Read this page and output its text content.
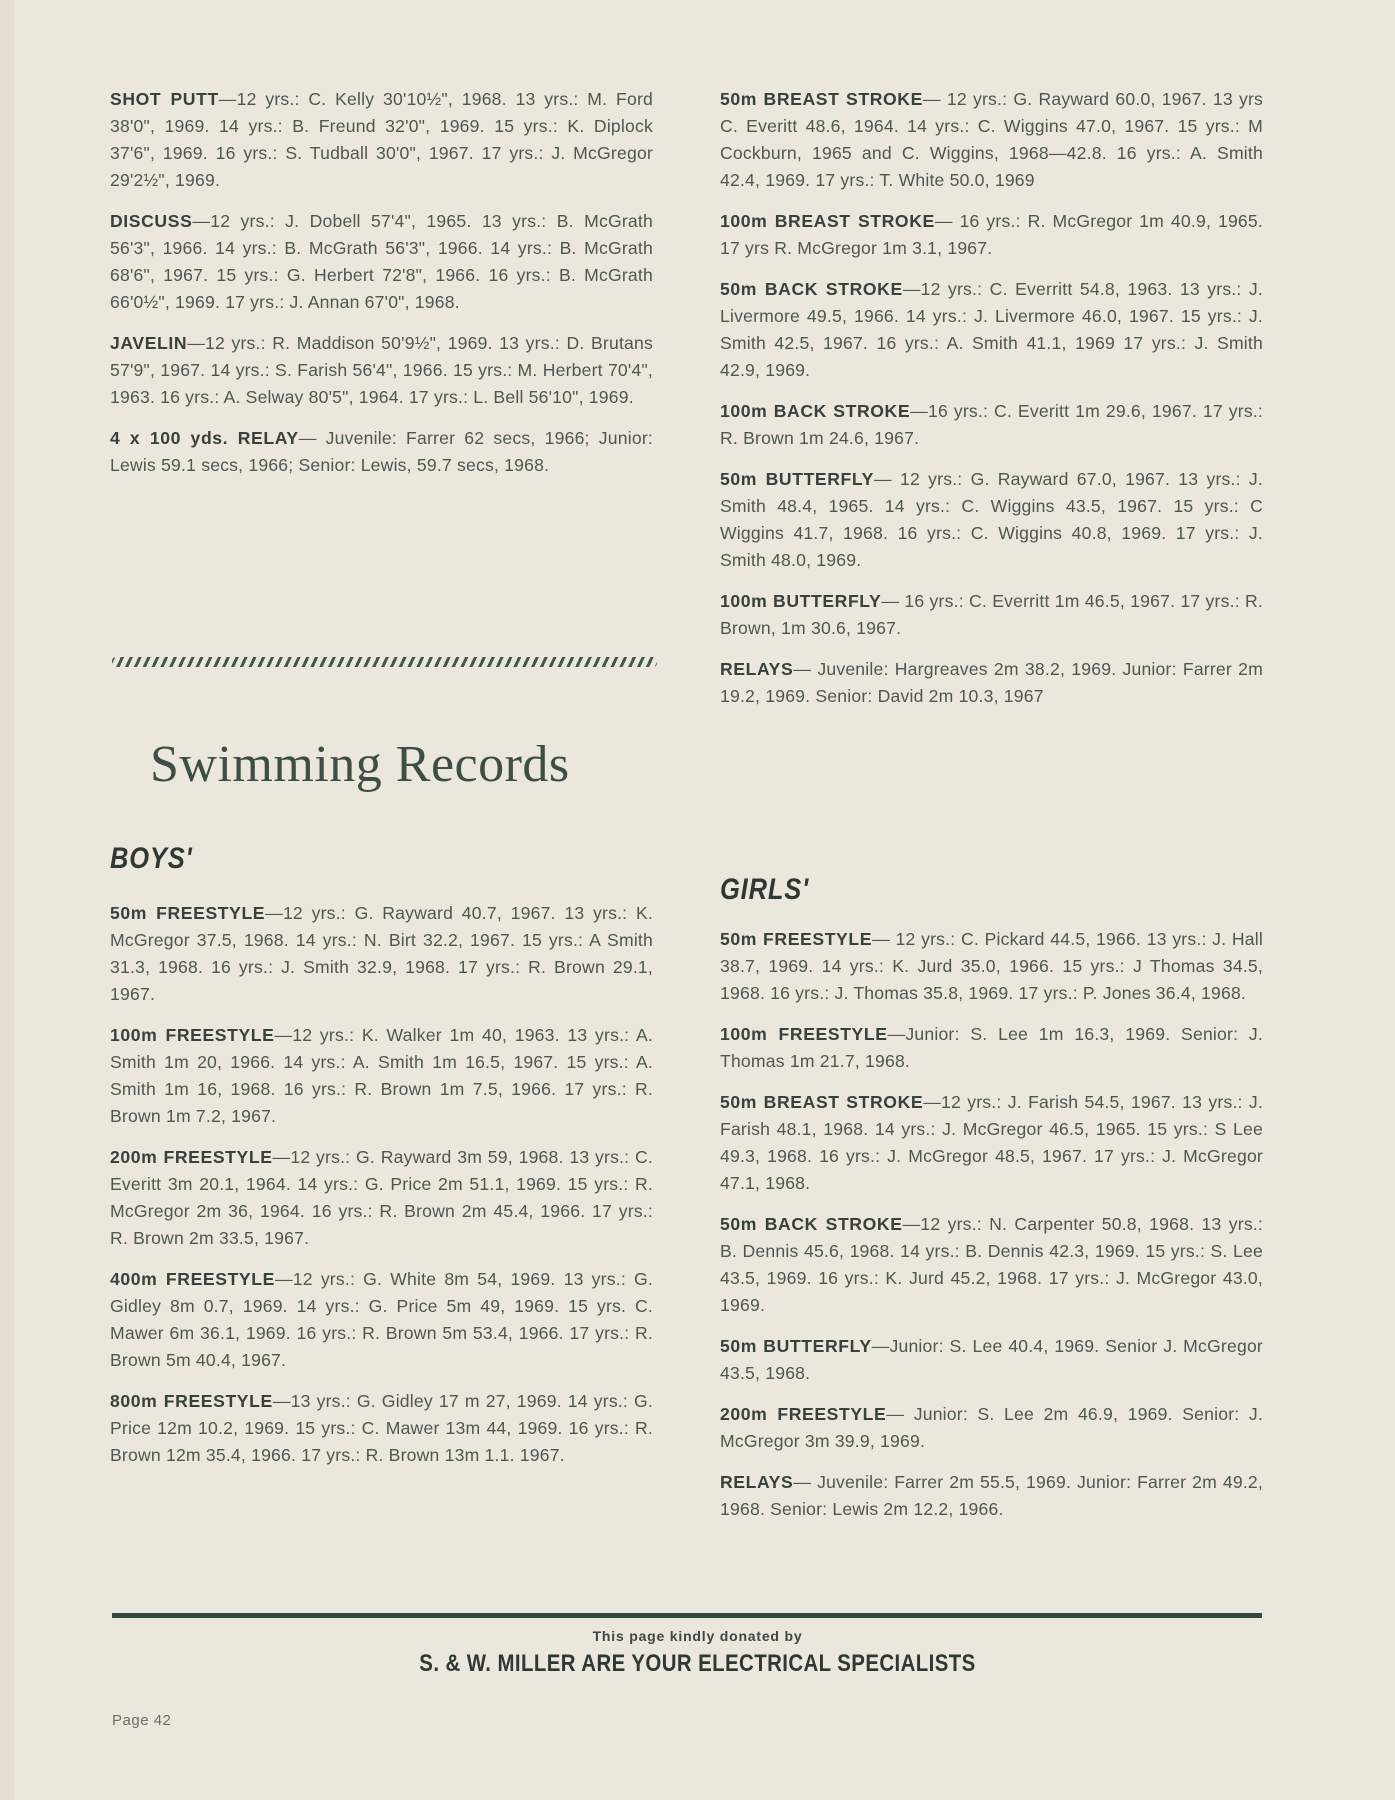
SHOT PUTT—12 yrs.: C. Kelly 30'10½", 1968. 13 yrs.: M. Ford 38'0", 1969. 14 yrs.: B. Freund 32'0", 1969. 15 yrs.: K. Diplock 37'6", 1969. 16 yrs.: S. Tudball 30'0", 1967. 17 yrs.: J. McGregor 29'2½", 1969.

DISCUSS—12 yrs.: J. Dobell 57'4", 1965. 13 yrs.: B. McGrath 56'3", 1966. 14 yrs.: B. McGrath 56'3", 1966. 14 yrs.: B. McGrath 68'6", 1967. 15 yrs.: G. Herbert 72'8", 1966. 16 yrs.: B. McGrath 66'0½", 1969. 17 yrs.: J. Annan 67'0", 1968.

JAVELIN—12 yrs.: R. Maddison 50'9½", 1969. 13 yrs.: D. Brutans 57'9", 1967. 14 yrs.: S. Farish 56'4", 1966. 15 yrs.: M. Herbert 70'4", 1963. 16 yrs.: A. Selway 80'5", 1964. 17 yrs.: L. Bell 56'10", 1969.

4 x 100 yds. RELAY— Juvenile: Farrer 62 secs, 1966; Junior: Lewis 59.1 secs, 1966; Senior: Lewis, 59.7 secs, 1968.

Swimming Records
BOYS'

50m FREESTYLE—12 yrs.: G. Rayward 40.7, 1967. 13 yrs.: K. McGregor 37.5, 1968. 14 yrs.: N. Birt 32.2, 1967. 15 yrs.: A Smith 31.3, 1968. 16 yrs.: J. Smith 32.9, 1968. 17 yrs.: R. Brown 29.1, 1967.

100m FREESTYLE—12 yrs.: K. Walker 1m 40, 1963. 13 yrs.: A. Smith 1m 20, 1966. 14 yrs.: A. Smith 1m 16.5, 1967. 15 yrs.: A. Smith 1m 16, 1968. 16 yrs.: R. Brown 1m 7.5, 1966. 17 yrs.: R. Brown 1m 7.2, 1967.

200m FREESTYLE—12 yrs.: G. Rayward 3m 59, 1968. 13 yrs.: C. Everitt 3m 20.1, 1964. 14 yrs.: G. Price 2m 51.1, 1969. 15 yrs.: R. McGregor 2m 36, 1964. 16 yrs.: R. Brown 2m 45.4, 1966. 17 yrs.: R. Brown 2m 33.5, 1967.

400m FREESTYLE—12 yrs.: G. White 8m 54, 1969. 13 yrs.: G. Gidley 8m 0.7, 1969. 14 yrs.: G. Price 5m 49, 1969. 15 yrs. C. Mawer 6m 36.1, 1969. 16 yrs.: R. Brown 5m 53.4, 1966. 17 yrs.: R. Brown 5m 40.4, 1967.

800m FREESTYLE—13 yrs.: G. Gidley 17 m 27, 1969. 14 yrs.: G. Price 12m 10.2, 1969. 15 yrs.: C. Mawer 13m 44, 1969. 16 yrs.: R. Brown 12m 35.4, 1966. 17 yrs.: R. Brown 13m 1.1. 1967.

50m BREAST STROKE— 12 yrs.: G. Rayward 60.0, 1967. 13 yrs C. Everitt 48.6, 1964. 14 yrs.: C. Wiggins 47.0, 1967. 15 yrs.: M Cockburn, 1965 and C. Wiggins, 1968—42.8. 16 yrs.: A. Smith 42.4, 1969. 17 yrs.: T. White 50.0, 1969

100m BREAST STROKE— 16 yrs.: R. McGregor 1m 40.9, 1965. 17 yrs R. McGregor 1m 3.1, 1967.

50m BACK STROKE—12 yrs.: C. Everritt 54.8, 1963. 13 yrs.: J. Livermore 49.5, 1966. 14 yrs.: J. Livermore 46.0, 1967. 15 yrs.: J. Smith 42.5, 1967. 16 yrs.: A. Smith 41.1, 1969 17 yrs.: J. Smith 42.9, 1969.

100m BACK STROKE—16 yrs.: C. Everitt 1m 29.6, 1967. 17 yrs.: R. Brown 1m 24.6, 1967.

50m BUTTERFLY— 12 yrs.: G. Rayward 67.0, 1967. 13 yrs.: J. Smith 48.4, 1965. 14 yrs.: C. Wiggins 43.5, 1967. 15 yrs.: C Wiggins 41.7, 1968. 16 yrs.: C. Wiggins 40.8, 1969. 17 yrs.: J. Smith 48.0, 1969.

100m BUTTERFLY— 16 yrs.: C. Everritt 1m 46.5, 1967. 17 yrs.: R. Brown, 1m 30.6, 1967.

RELAYS— Juvenile: Hargreaves 2m 38.2, 1969. Junior: Farrer 2m 19.2, 1969. Senior: David 2m 10.3, 1967

GIRLS'

50m FREESTYLE— 12 yrs.: C. Pickard 44.5, 1966. 13 yrs.: J. Hall 38.7, 1969. 14 yrs.: K. Jurd 35.0, 1966. 15 yrs.: J Thomas 34.5, 1968. 16 yrs.: J. Thomas 35.8, 1969. 17 yrs.: P. Jones 36.4, 1968.

100m FREESTYLE—Junior: S. Lee 1m 16.3, 1969. Senior: J. Thomas 1m 21.7, 1968.

50m BREAST STROKE—12 yrs.: J. Farish 54.5, 1967. 13 yrs.: J. Farish 48.1, 1968. 14 yrs.: J. McGregor 46.5, 1965. 15 yrs.: S Lee 49.3, 1968. 16 yrs.: J. McGregor 48.5, 1967. 17 yrs.: J. McGregor 47.1, 1968.

50m BACK STROKE—12 yrs.: N. Carpenter 50.8, 1968. 13 yrs.: B. Dennis 45.6, 1968. 14 yrs.: B. Dennis 42.3, 1969. 15 yrs.: S. Lee 43.5, 1969. 16 yrs.: K. Jurd 45.2, 1968. 17 yrs.: J. McGregor 43.0, 1969.

50m BUTTERFLY—Junior: S. Lee 40.4, 1969. Senior J. McGregor 43.5, 1968.

200m FREESTYLE— Junior: S. Lee 2m 46.9, 1969. Senior: J. McGregor 3m 39.9, 1969.

RELAYS— Juvenile: Farrer 2m 55.5, 1969. Junior: Farrer 2m 49.2, 1968. Senior: Lewis 2m 12.2, 1966.

This page kindly donated by
S. & W. MILLER ARE YOUR ELECTRICAL SPECIALISTS
Page 42
